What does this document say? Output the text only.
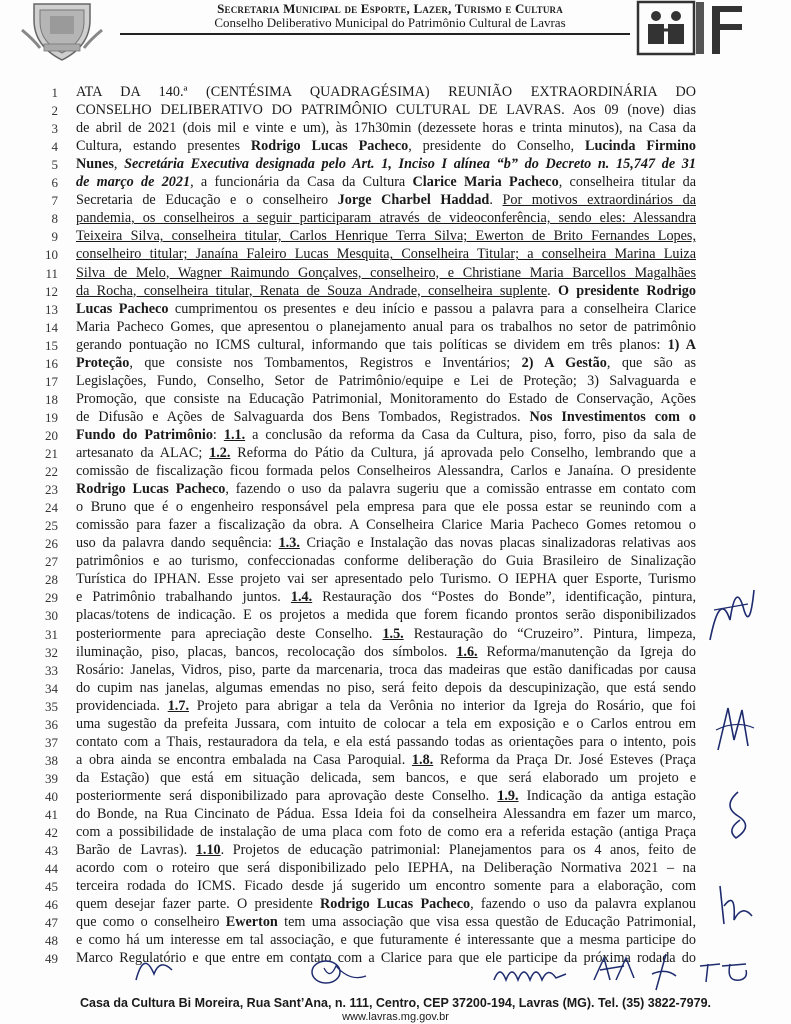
Secretaria Municipal de Esporte, Lazer, Turismo e Cultura
Conselho Deliberativo Municipal do Patrimônio Cultural de Lavras
1 ATA DA 140.ª (CENTÉSIMA QUADRAGÉSIMA) REUNIÃO EXTRAORDINÁRIA DO
2 CONSELHO DELIBERATIVO DO PATRIMÔNIO CULTURAL DE LAVRAS. Aos 09 (nove) dias
3 de abril de 2021 (dois mil e vinte e um), às 17h30min (dezessete horas e trinta minutos), na Casa da
4 Cultura, estando presentes Rodrigo Lucas Pacheco, presidente do Conselho, Lucinda Firmino
5 Nunes, Secretária Executiva designada pelo Art. 1, Inciso I alínea “b” do Decreto n. 15,747 de 31
6 de março de 2021, a funcionária da Casa da Cultura Clarice Maria Pacheco, conselheira titular da
7 Secretaria de Educação e o conselheiro Jorge Charbel Haddad. Por motivos extraordinários da
8 pandemia, os conselheiros a seguir participaram através de videoconferência, sendo eles: Alessandra
9 Teixeira Silva, conselheira titular, Carlos Henrique Terra Silva; Ewerton de Brito Fernandes Lopes,
10 conselheiro titular; Janaína Faleiro Lucas Mesquita, Conselheira Titular; a conselheira Marina Luiza
11 Silva de Melo, Wagner Raimundo Gonçalves, conselheiro, e Christiane Maria Barcellos Magalhães
12 da Rocha, conselheira titular, Renata de Souza Andrade, conselheira suplente. O presidente Rodrigo
13 Lucas Pacheco cumprimentou os presentes e deu início e passou a palavra para a conselheira Clarice
14 Maria Pacheco Gomes, que apresentou o planejamento anual para os trabalhos no setor de patrimônio
15 gerando pontuação no ICMS cultural, informando que tais políticas se dividem em três planos: 1) A
16 Proteção, que consiste nos Tombamentos, Registros e Inventários; 2) A Gestão, que são as
17 Legislações, Fundo, Conselho, Setor de Patrimônio/equipe e Lei de Proteção; 3) Salvaguarda e
18 Promoção, que consiste na Educação Patrimonial, Monitoramento do Estado de Conservação, Ações
19 de Difusão e Ações de Salvaguarda dos Bens Tombados, Registrados. Nos Investimentos com o
20 Fundo do Patrimônio: 1.1. a conclusão da reforma da Casa da Cultura, piso, forro, piso da sala de
21 artesanato da ALAC; 1.2. Reforma do Pátio da Cultura, já aprovada pelo Conselho, lembrando que a
22 comissão de fiscalização ficou formada pelos Conselheiros Alessandra, Carlos e Janaína. O presidente
23 Rodrigo Lucas Pacheco, fazendo o uso da palavra sugeriu que a comissão entrasse em contato com
24 o Bruno que é o engenheiro responsável pela empresa para que ele possa estar se reunindo com a
25 comissão para fazer a fiscalização da obra. A Conselheira Clarice Maria Pacheco Gomes retomou o
26 uso da palavra dando sequência: 1.3. Criação e Instalação das novas placas sinalizadoras relativas aos
27 patrimônios e ao turismo, confeccionadas conforme deliberação do Guia Brasileiro de Sinalização
28 Turística do IPHAN. Esse projeto vai ser apresentado pelo Turismo. O IEPHA quer Esporte, Turismo
29 e Patrimônio trabalhando juntos. 1.4. Restauração dos “Postes do Bonde”, identificação, pintura,
30 placas/totens de indicação. E os projetos a medida que forem ficando prontos serão disponibilizados
31 posteriormente para apreciação deste Conselho. 1.5. Restauração do “Cruzeiro”. Pintura, limpeza,
32 iluminação, piso, placas, bancos, recolocação dos símbolos. 1.6. Reforma/manutenção da Igreja do
33 Rosário: Janelas, Vidros, piso, parte da marcenaria, troca das madeiras que estão danificadas por causa
34 do cupim nas janelas, algumas emendas no piso, será feito depois da descupinização, que está sendo
35 providenciada. 1.7. Projeto para abrigar a tela da Verônia no interior da Igreja do Rosário, que foi
36 uma sugestão da prefeita Jussara, com intuito de colocar a tela em exposição e o Carlos entrou em
37 contato com a Thais, restauradora da tela, e ela está passando todas as orientações para o intento, pois
38 a obra ainda se encontra embalada na Casa Paroquial. 1.8. Reforma da Praça Dr. José Esteves (Praça
39 da Estação) que está em situação delicada, sem bancos, e que será elaborado um projeto e
40 posteriormente será disponibilizado para aprovação deste Conselho. 1.9. Indicação da antiga estação
41 do Bonde, na Rua Cincinato de Pádua. Essa Ideia foi da conselheira Alessandra em fazer um marco,
42 com a possibilidade de instalação de uma placa com foto de como era a referida estação (antiga Praça
43 Barão de Lavras). 1.10. Projetos de educação patrimonial: Planejamentos para os 4 anos, feito de
44 acordo com o roteiro que será disponibilizado pelo IEPHA, na Deliberação Normativa 2021 – na
45 terceira rodada do ICMS. Ficado desde já sugerido um encontro somente para a elaboração, com
46 quem desejar fazer parte. O presidente Rodrigo Lucas Pacheco, fazendo o uso da palavra explanou
47 que como o conselheiro Ewerton tem uma associação que visa essa questão de Educação Patrimonial,
48 e como há um interesse em tal associação, e que futuramente é interessante que a mesma participe do
49 Marco Regulatório e que entre em contato com a Clarice para que ele participe da próxima rodada do
Casa da Cultura Bi Moreira, Rua Sant’Ana, n. 111, Centro, CEP 37200-194, Lavras (MG). Tel. (35) 3822-7979.
www.lavras.mg.gov.br
